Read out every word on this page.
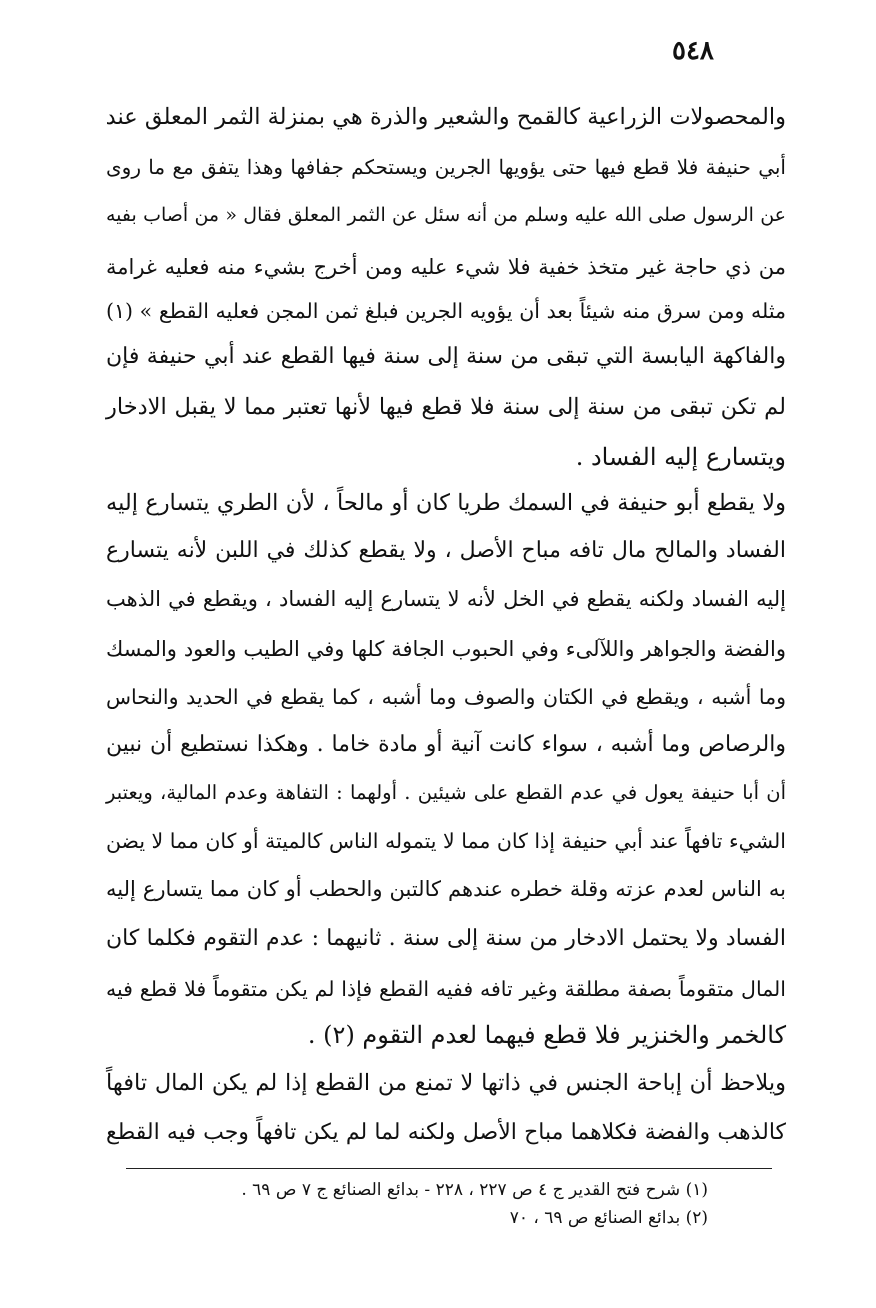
٥٤٨
والمحصولات الزراعية كالقمح والشعير والذرة هي بمنزلة الثمر المعلق عند
أبي حنيفة فلا قطع فيها حتى يؤويها الجرين ويستحكم جفافها وهذا يتفق مع ما روى
عن الرسول صلى الله عليه وسلم من أنه سئل عن الثمر المعلق فقال « من أصاب بفيه
من ذي حاجة غير متخذ خفية فلا شيء عليه ومن أخرج بشيء منه فعليه غرامة
مثله ومن سرق منه شيئاً بعد أن يؤويه الجرين فبلغ ثمن المجن فعليه القطع » (١)
والفاكهة اليابسة التي تبقى من سنة إلى سنة فيها القطع عند أبي حنيفة فإن
لم تكن تبقى من سنة إلى سنة فلا قطع فيها لأنها تعتبر مما لا يقبل الادخار
ويتسارع إليه الفساد .
ولا يقطع أبو حنيفة في السمك طريا كان أو مالحاً ، لأن الطري يتسارع إليه
الفساد والمالح مال تافه مباح الأصل ، ولا يقطع كذلك في اللبن لأنه يتسارع
إليه الفساد ولكنه يقطع في الخل لأنه لا يتسارع إليه الفساد ، ويقطع في الذهب
والفضة والجواهر واللآلىء وفي الحبوب الجافة كلها وفي الطيب والعود والمسك
وما أشبه ، ويقطع في الكتان والصوف وما أشبه ، كما يقطع في الحديد والنحاس
والرصاص وما أشبه ، سواء كانت آنية أو مادة خاما . وهكذا نستطيع أن نبين
أن أبا حنيفة يعول في عدم القطع على شيئين . أولهما : التفاهة وعدم المالية، ويعتبر
الشيء تافهاً عند أبي حنيفة إذا كان مما لا يتموله الناس كالميتة أو كان مما لا يضن
به الناس لعدم عزته وقلة خطره عندهم كالتبن والحطب أو كان مما يتسارع إليه
الفساد ولا يحتمل الادخار من سنة إلى سنة . ثانيهما : عدم التقوم فكلما كان
المال متقوماً بصفة مطلقة وغير تافه ففيه القطع فإذا لم يكن متقوماً فلا قطع فيه
كالخمر والخنزير فلا قطع فيهما لعدم التقوم (٢) .
ويلاحظ أن إباحة الجنس في ذاتها لا تمنع من القطع إذا لم يكن المال تافهاً
كالذهب والفضة فكلاهما مباح الأصل ولكنه لما لم يكن تافهاً وجب فيه القطع
(١) شرح فتح القدير ج ٤ ص ٢٢٧ ، ٢٢٨ - بدائع الصنائع ج ٧ ص ٦٩ .
(٢) بدائع الصنائع ص ٦٩ ، ٧٠
